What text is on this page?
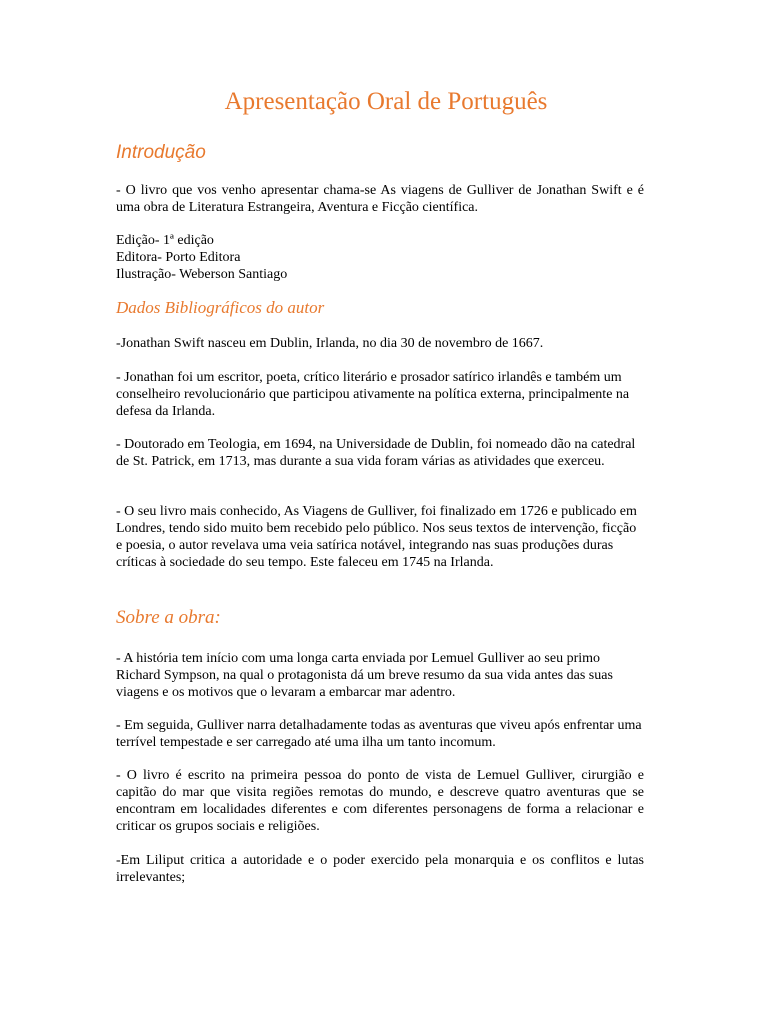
Apresentação Oral de Português
Introdução

- O livro que vos venho apresentar chama-se As viagens de Gulliver de Jonathan Swift e é uma obra de Literatura Estrangeira, Aventura e Ficção científica.

Edição- 1ª edição

Editora- Porto Editora

Ilustração- Weberson Santiago

Dados Bibliográficos do autor

-Jonathan Swift nasceu em Dublin, Irlanda, no dia 30 de novembro de 1667.

- Jonathan foi um escritor, poeta, crítico literário e prosador satírico irlandês e também um conselheiro revolucionário que participou ativamente na política externa, principalmente na defesa da Irlanda.

- Doutorado em Teologia, em 1694, na Universidade de Dublin, foi nomeado dão na catedral de St. Patrick, em 1713, mas durante a sua vida foram várias as atividades que exerceu.

- O seu livro mais conhecido, As Viagens de Gulliver, foi finalizado em 1726 e publicado em Londres, tendo sido muito bem recebido pelo público. Nos seus textos de intervenção, ficção e poesia, o autor revelava uma veia satírica notável, integrando nas suas produções duras críticas à sociedade do seu tempo. Este faleceu em 1745 na Irlanda.

Sobre a obra:

- A história tem início com uma longa carta enviada por Lemuel Gulliver ao seu primo Richard Sympson, na qual o protagonista dá um breve resumo da sua vida antes das suas viagens e os motivos que o levaram a embarcar mar adentro.

- Em seguida, Gulliver narra detalhadamente todas as aventuras que viveu após enfrentar uma terrível tempestade e ser carregado até uma ilha um tanto incomum.

- O livro é escrito na primeira pessoa do ponto de vista de Lemuel Gulliver, cirurgião e capitão do mar que visita regiões remotas do mundo, e descreve quatro aventuras que se encontram em localidades diferentes e com diferentes personagens de forma a relacionar e criticar os grupos sociais e religiões.

-Em Liliput critica a autoridade e o poder exercido pela monarquia e os conflitos e lutas irrelevantes;
